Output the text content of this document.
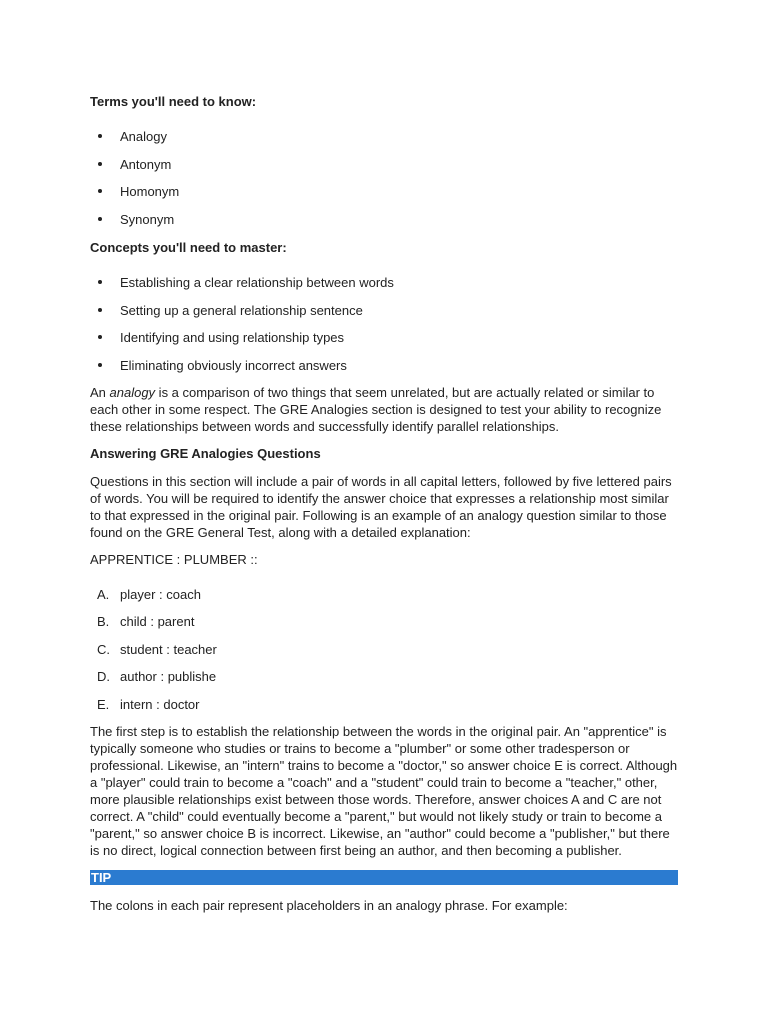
Terms you'll need to know:

Analogy
Antonym
Homonym
Synonym

Concepts you'll need to master:

Establishing a clear relationship between words
Setting up a general relationship sentence
Identifying and using relationship types
Eliminating obviously incorrect answers

An analogy is a comparison of two things that seem unrelated, but are actually related or similar to each other in some respect. The GRE Analogies section is designed to test your ability to recognize these relationships between words and successfully identify parallel relationships.

Answering GRE Analogies Questions

Questions in this section will include a pair of words in all capital letters, followed by five lettered pairs of words. You will be required to identify the answer choice that expresses a relationship most similar to that expressed in the original pair. Following is an example of an analogy question similar to those found on the GRE General Test, along with a detailed explanation:

APPRENTICE : PLUMBER ::

A. player : coach
B. child : parent
C. student : teacher
D. author : publishe
E. intern : doctor

The first step is to establish the relationship between the words in the original pair. An "apprentice" is typically someone who studies or trains to become a "plumber" or some other tradesperson or professional. Likewise, an "intern" trains to become a "doctor," so answer choice E is correct. Although a "player" could train to become a "coach" and a "student" could train to become a "teacher," other, more plausible relationships exist between those words. Therefore, answer choices A and C are not correct. A "child" could eventually become a "parent," but would not likely study or train to become a "parent," so answer choice B is incorrect. Likewise, an "author" could become a "publisher," but there is no direct, logical connection between first being an author, and then becoming a publisher.

TIP

The colons in each pair represent placeholders in an analogy phrase. For example:
